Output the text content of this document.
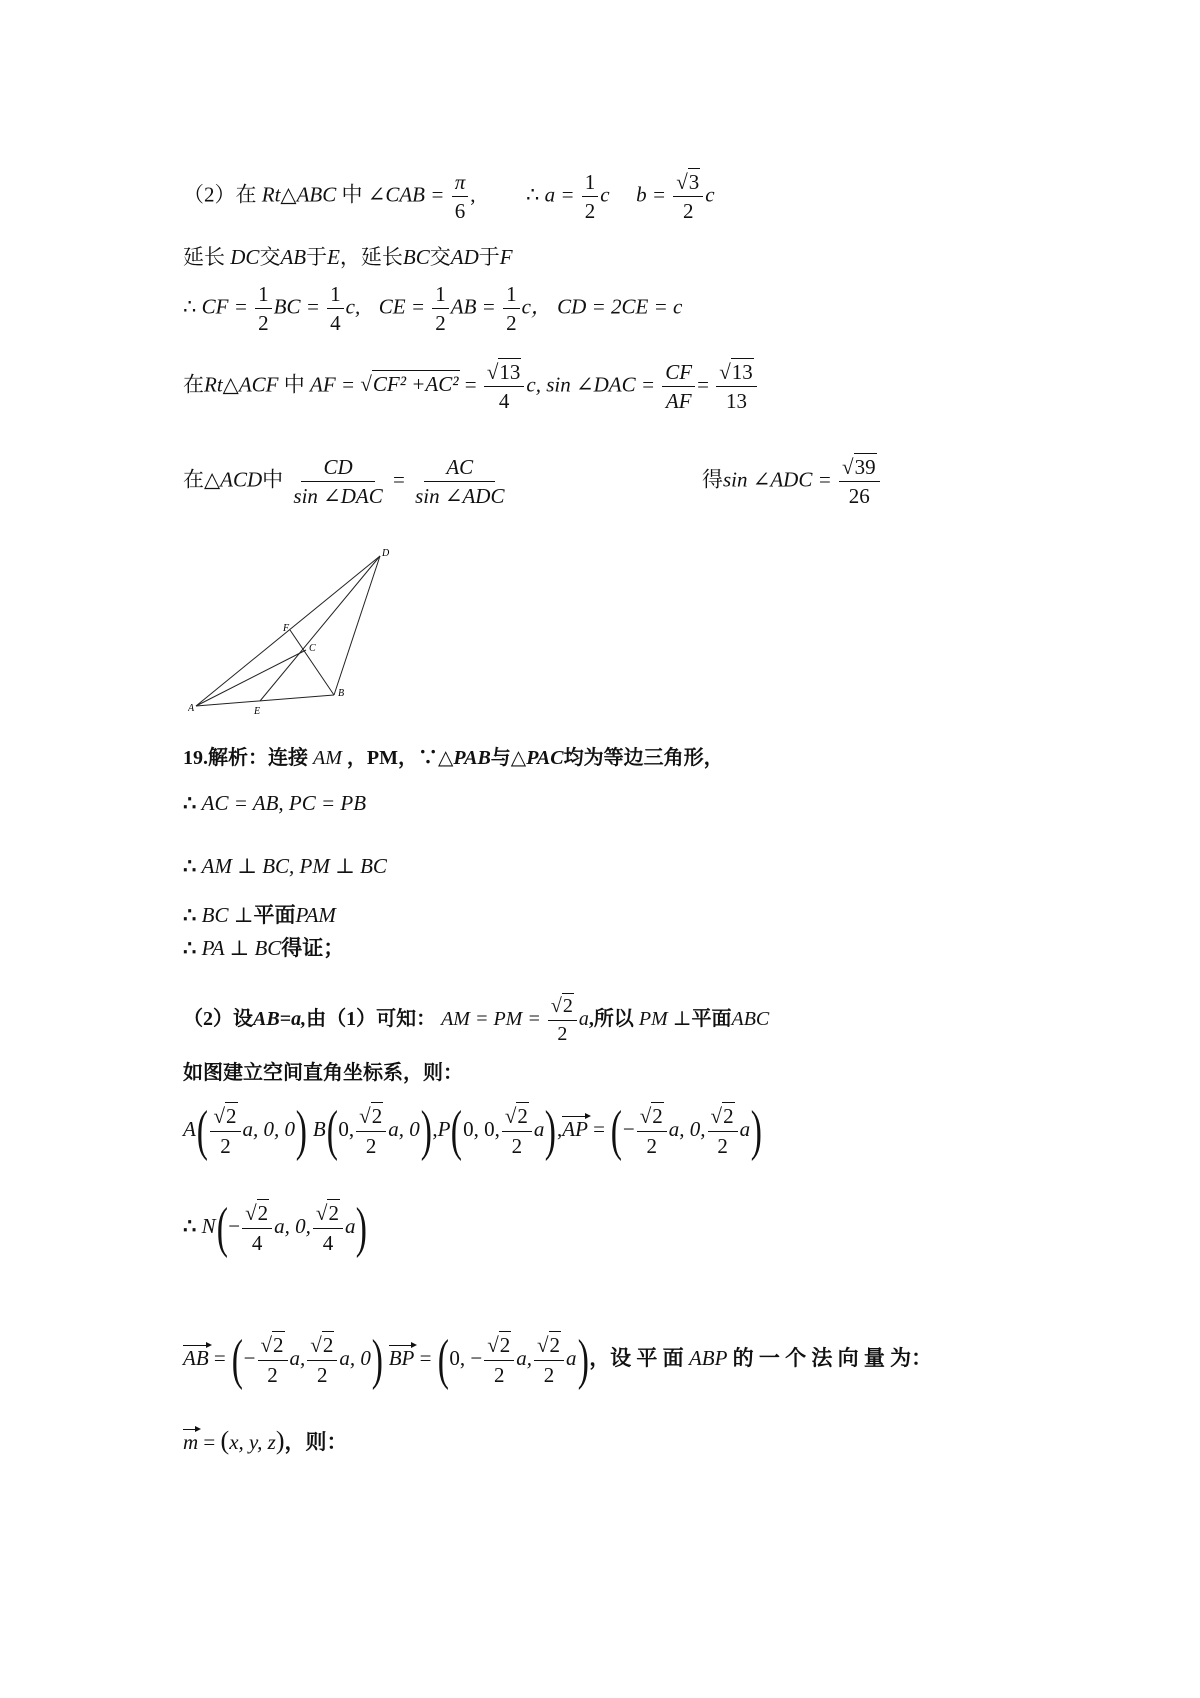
（2）在 Rt△ABC 中 ∠CAB = $\frac{\pi}{6}$ , ∴ $a = \frac{1}{2}$ c $b = \frac{√3}{2}$ c
延长 DC交AB于E，延长BC交AD于F
∴ CF = $\frac{1}{2}$ BC = $\frac{1}{4} c$, CE = $\frac{1}{2}$ AB = $\frac{1}{2}$ c， CD = 2CE = c
在Rt△ACF 中 AF = $√CF^2 +AC^2 = \frac{√13}{4} c$, sin ∠DAC = $\frac{CF}{AF} = \frac{√13}{13}$
在△ACD中 $\frac{CD}{\text{sin ∠DAC}} = \frac{AC}{\text{sin ∠ADC}}$	得sin ∠ADC = $\frac{√39}{26}$
A
B
C
D
E
F
19.解析：连接 AM ，PM，∵△PAB与△PAC均为等边三角形，
∴ AC = AB, PC = PB
∴ AM ⊥ BC, PM ⊥ BC
∴ BC ⊥平面PAM
∴ PA ⊥ BC得证；
（2）设AB=a,由（1）可知： AM = PM = $\frac{√2}{2} a$,所以 PM ⊥平面ABC
如图建立空间直角坐标系，则：
$A( \frac{√2}{2} a$, 0, 0) B(0, $\frac{√2}{2} a$, 0),P(0, 0, $\frac{√2}{2} a),AP$ = (− $\frac{√2}{2} a$, 0, $\frac{√2}{2} a$)
∴ $N(- \frac{√2}{4} a$, 0, $\frac{√2}{4} a$)
AB = (− $\frac{√2}{2} a$, $\frac{√2}{2} a$, 0) BP = (0, − $\frac{√2}{2} a$, $\frac{√2}{2} a$)，设 平 面 ABP 的 一 个 法 向 量 为：
m = (x, y, z)，则：
